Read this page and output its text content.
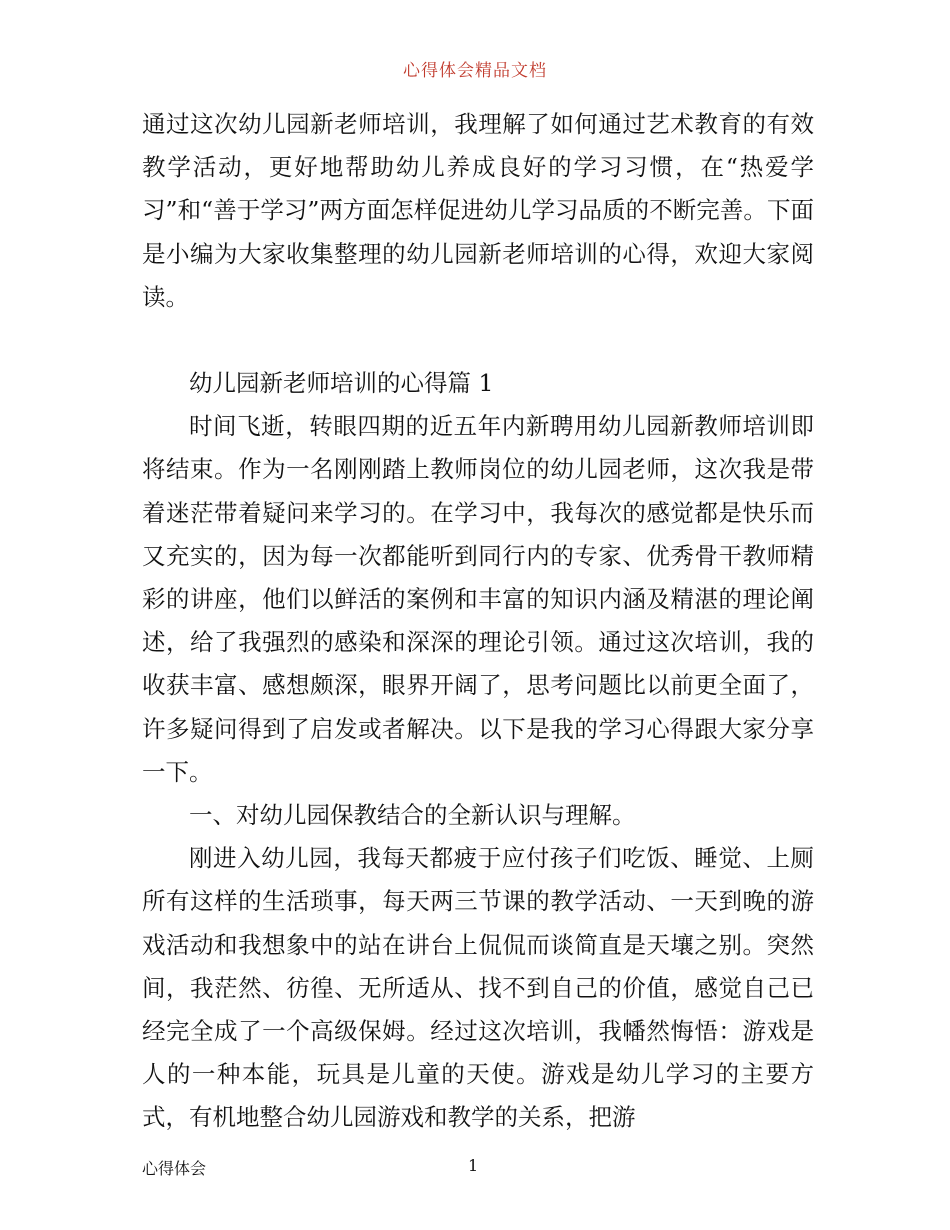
心得体会精品文档

通过这次幼儿园新老师培训，我理解了如何通过艺术教育的有效教学活动，更好地帮助幼儿养成良好的学习习惯，在“热爱学习”和“善于学习”两方面怎样促进幼儿学习品质的不断完善。下面是小编为大家收集整理的幼儿园新老师培训的心得，欢迎大家阅读。

幼儿园新老师培训的心得篇 1

时间飞逝，转眼四期的近五年内新聘用幼儿园新教师培训即将结束。作为一名刚刚踏上教师岗位的幼儿园老师，这次我是带着迷茫带着疑问来学习的。在学习中，我每次的感觉都是快乐而又充实的，因为每一次都能听到同行内的专家、优秀骨干教师精彩的讲座，他们以鲜活的案例和丰富的知识内涵及精湛的理论阐述，给了我强烈的感染和深深的理论引领。通过这次培训，我的收获丰富、感想颇深，眼界开阔了，思考问题比以前更全面了，许多疑问得到了启发或者解决。以下是我的学习心得跟大家分享一下。

一、对幼儿园保教结合的全新认识与理解。

刚进入幼儿园，我每天都疲于应付孩子们吃饭、睡觉、上厕所有这样的生活琐事，每天两三节课的教学活动、一天到晚的游戏活动和我想象中的站在讲台上侃侃而谈简直是天壤之别。突然间，我茫然、彷徨、无所适从、找不到自己的价值，感觉自己已经完全成了一个高级保姆。经过这次培训，我幡然悔悟：游戏是人的一种本能，玩具是儿童的天使。游戏是幼儿学习的主要方式，有机地整合幼儿园游戏和教学的关系，把游

心得体会	1
